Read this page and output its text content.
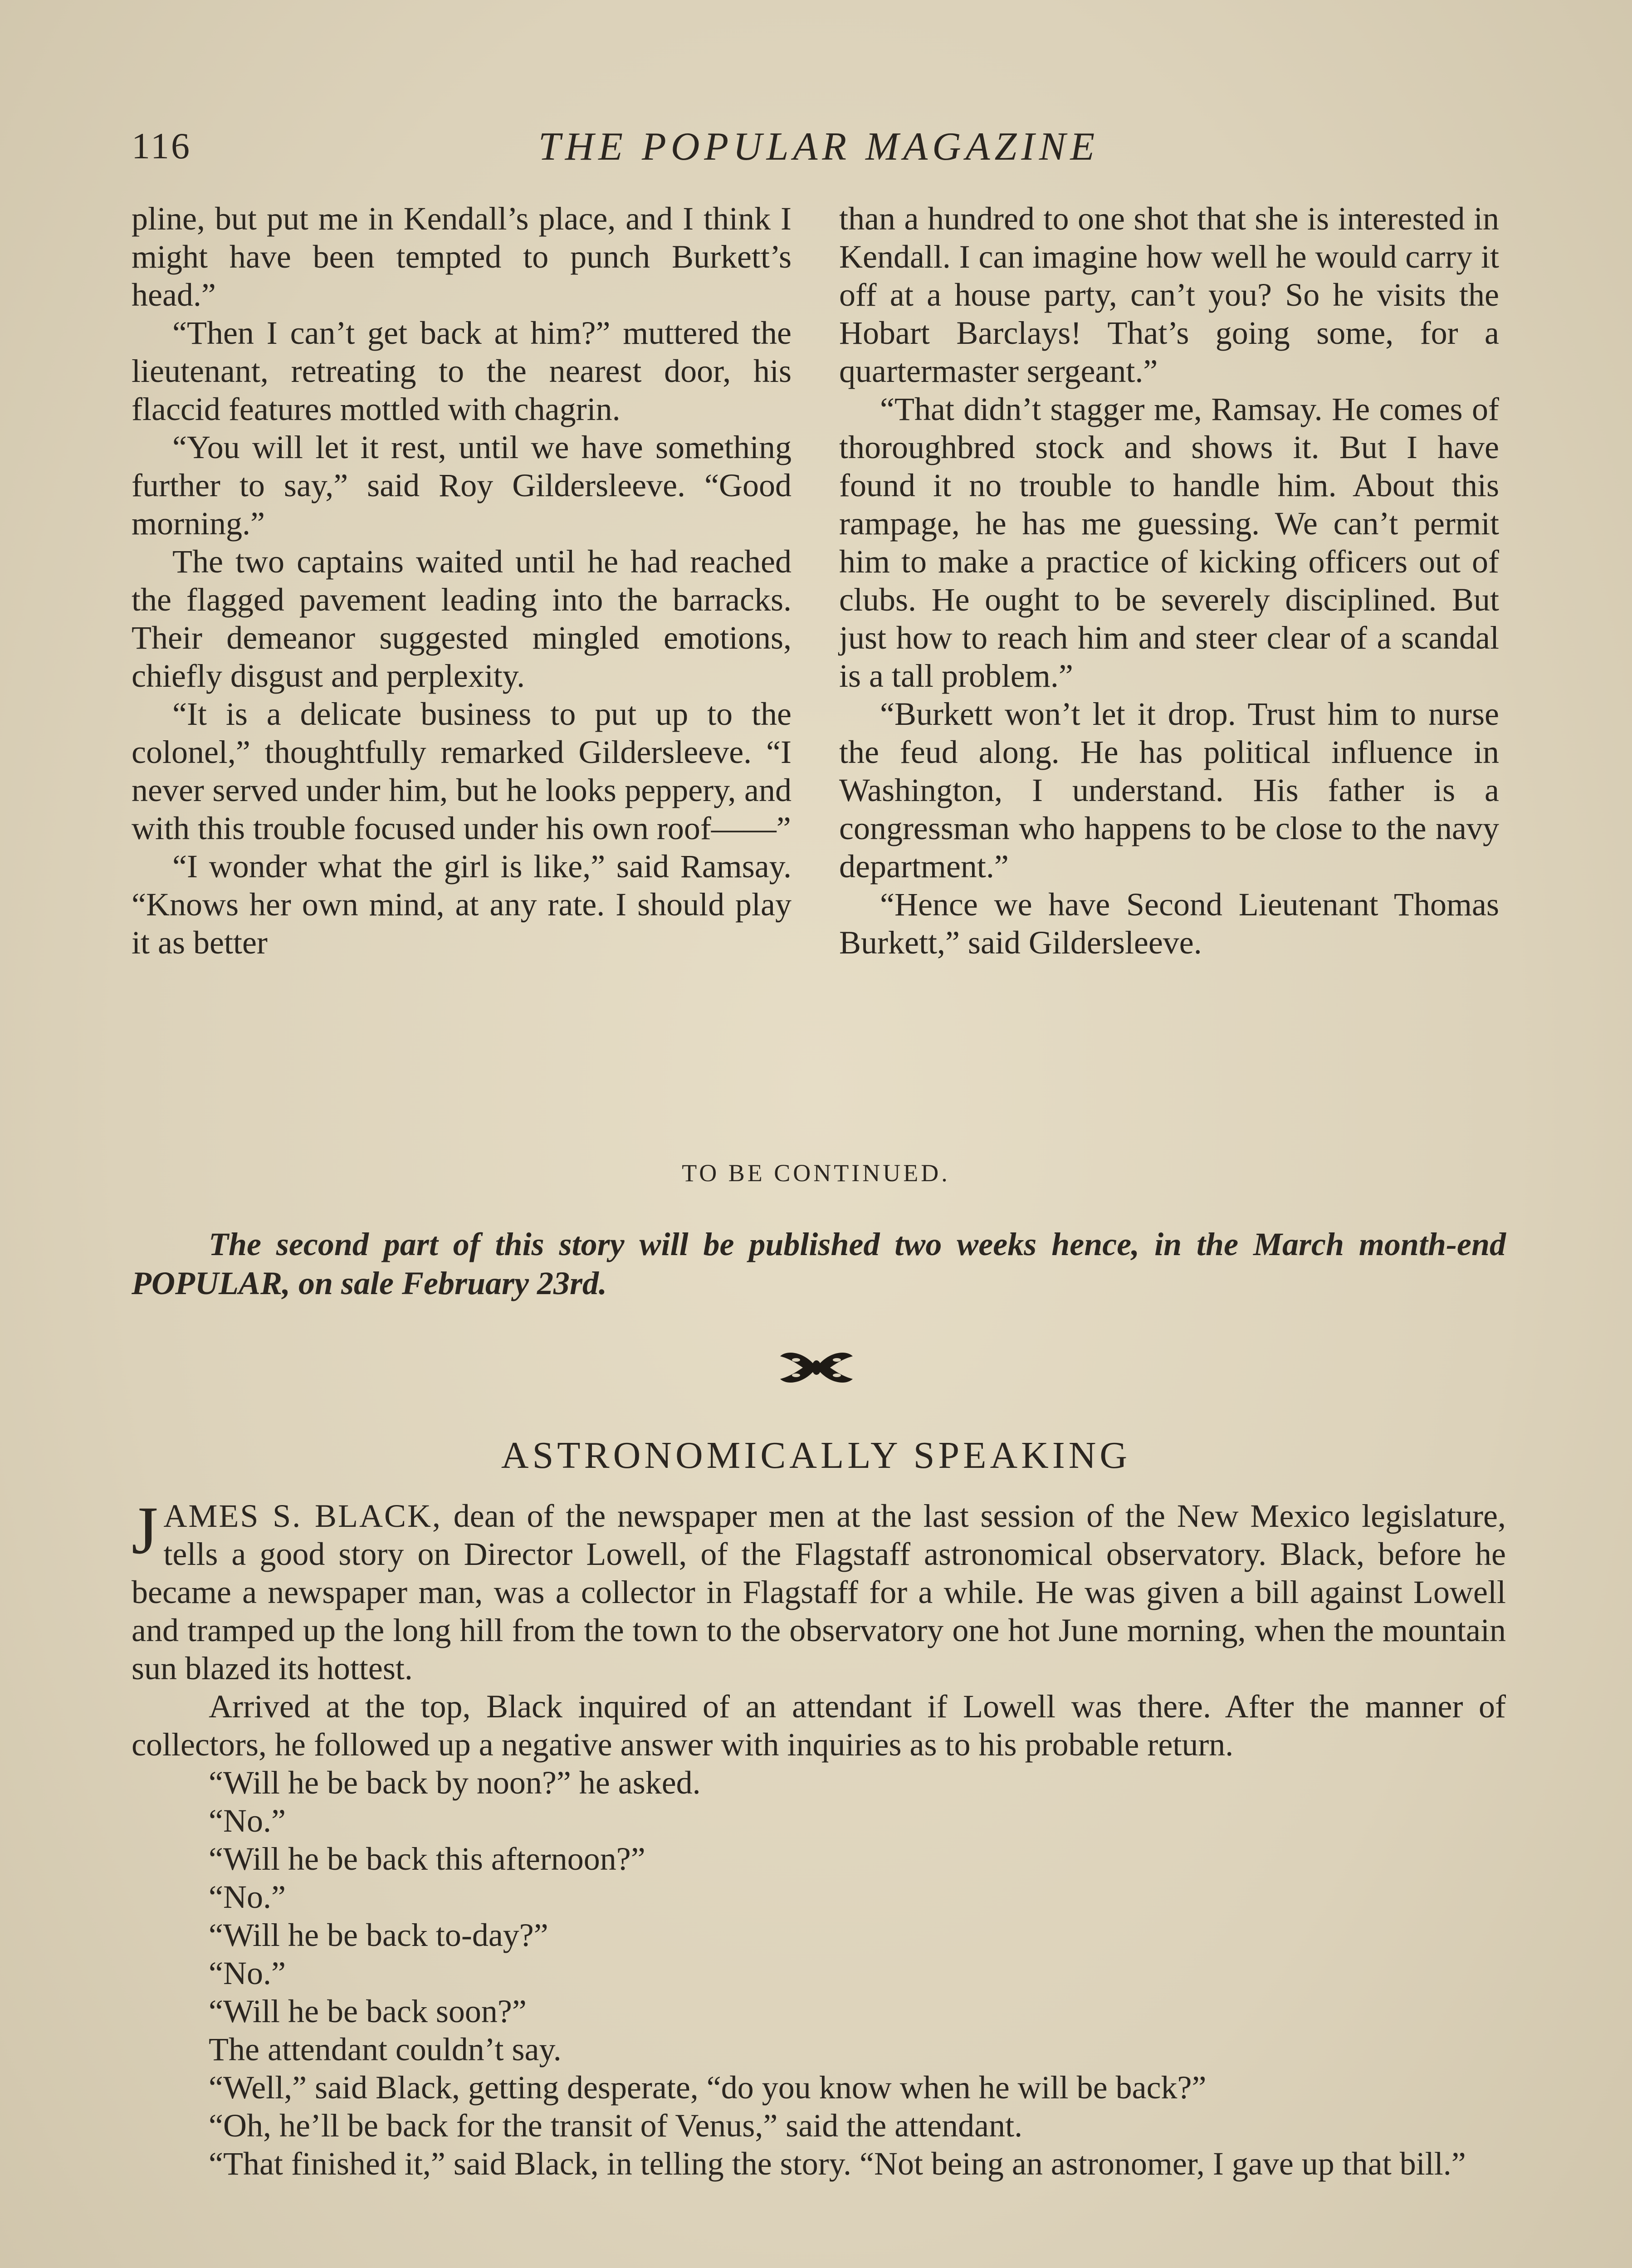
116	THE POPULAR MAGAZINE

pline, but put me in Kendall’s place, and I think I might have been tempted to punch Burkett’s head.”

“Then I can’t get back at him?” muttered the lieutenant, retreating to the nearest door, his flaccid features mottled with chagrin.

“You will let it rest, until we have something further to say,” said Roy Gildersleeve. “Good morning.”

The two captains waited until he had reached the flagged pavement leading into the barracks. Their demeanor suggested mingled emotions, chiefly disgust and perplexity.

“It is a delicate business to put up to the colonel,” thoughtfully remarked Gildersleeve. “I never served under him, but he looks peppery, and with this trouble focused under his own roof——”

“I wonder what the girl is like,” said Ramsay. “Knows her own mind, at any rate. I should play it as better

than a hundred to one shot that she is interested in Kendall. I can imagine how well he would carry it off at a house party, can’t you? So he visits the Hobart Barclays! That’s going some, for a quartermaster sergeant.”

“That didn’t stagger me, Ramsay. He comes of thoroughbred stock and shows it. But I have found it no trouble to handle him. About this rampage, he has me guessing. We can’t permit him to make a practice of kicking officers out of clubs. He ought to be severely disciplined. But just how to reach him and steer clear of a scandal is a tall problem.”

“Burkett won’t let it drop. Trust him to nurse the feud along. He has political influence in Washington, I understand. His father is a congressman who happens to be close to the navy department.”

“Hence we have Second Lieutenant Thomas Burkett,” said Gildersleeve.

TO BE CONTINUED.
The second part of this story will be published two weeks hence, in the March month-end POPULAR, on sale February 23rd.
ASTRONOMICALLY SPEAKING

JAMES S. BLACK, dean of the newspaper men at the last session of the New Mexico legislature, tells a good story on Director Lowell, of the Flagstaff astronomical observatory. Black, before he became a newspaper man, was a collector in Flagstaff for a while. He was given a bill against Lowell and tramped up the long hill from the town to the observatory one hot June morning, when the mountain sun blazed its hottest.

Arrived at the top, Black inquired of an attendant if Lowell was there. After the manner of collectors, he followed up a negative answer with inquiries as to his probable return.

“Will he be back by noon?” he asked.

“No.”

“Will he be back this afternoon?”

“No.”

“Will he be back to-day?”

“No.”

“Will he be back soon?”

The attendant couldn’t say.

“Well,” said Black, getting desperate, “do you know when he will be back?”

“Oh, he’ll be back for the transit of Venus,” said the attendant.

“That finished it,” said Black, in telling the story. “Not being an astronomer, I gave up that bill.”
